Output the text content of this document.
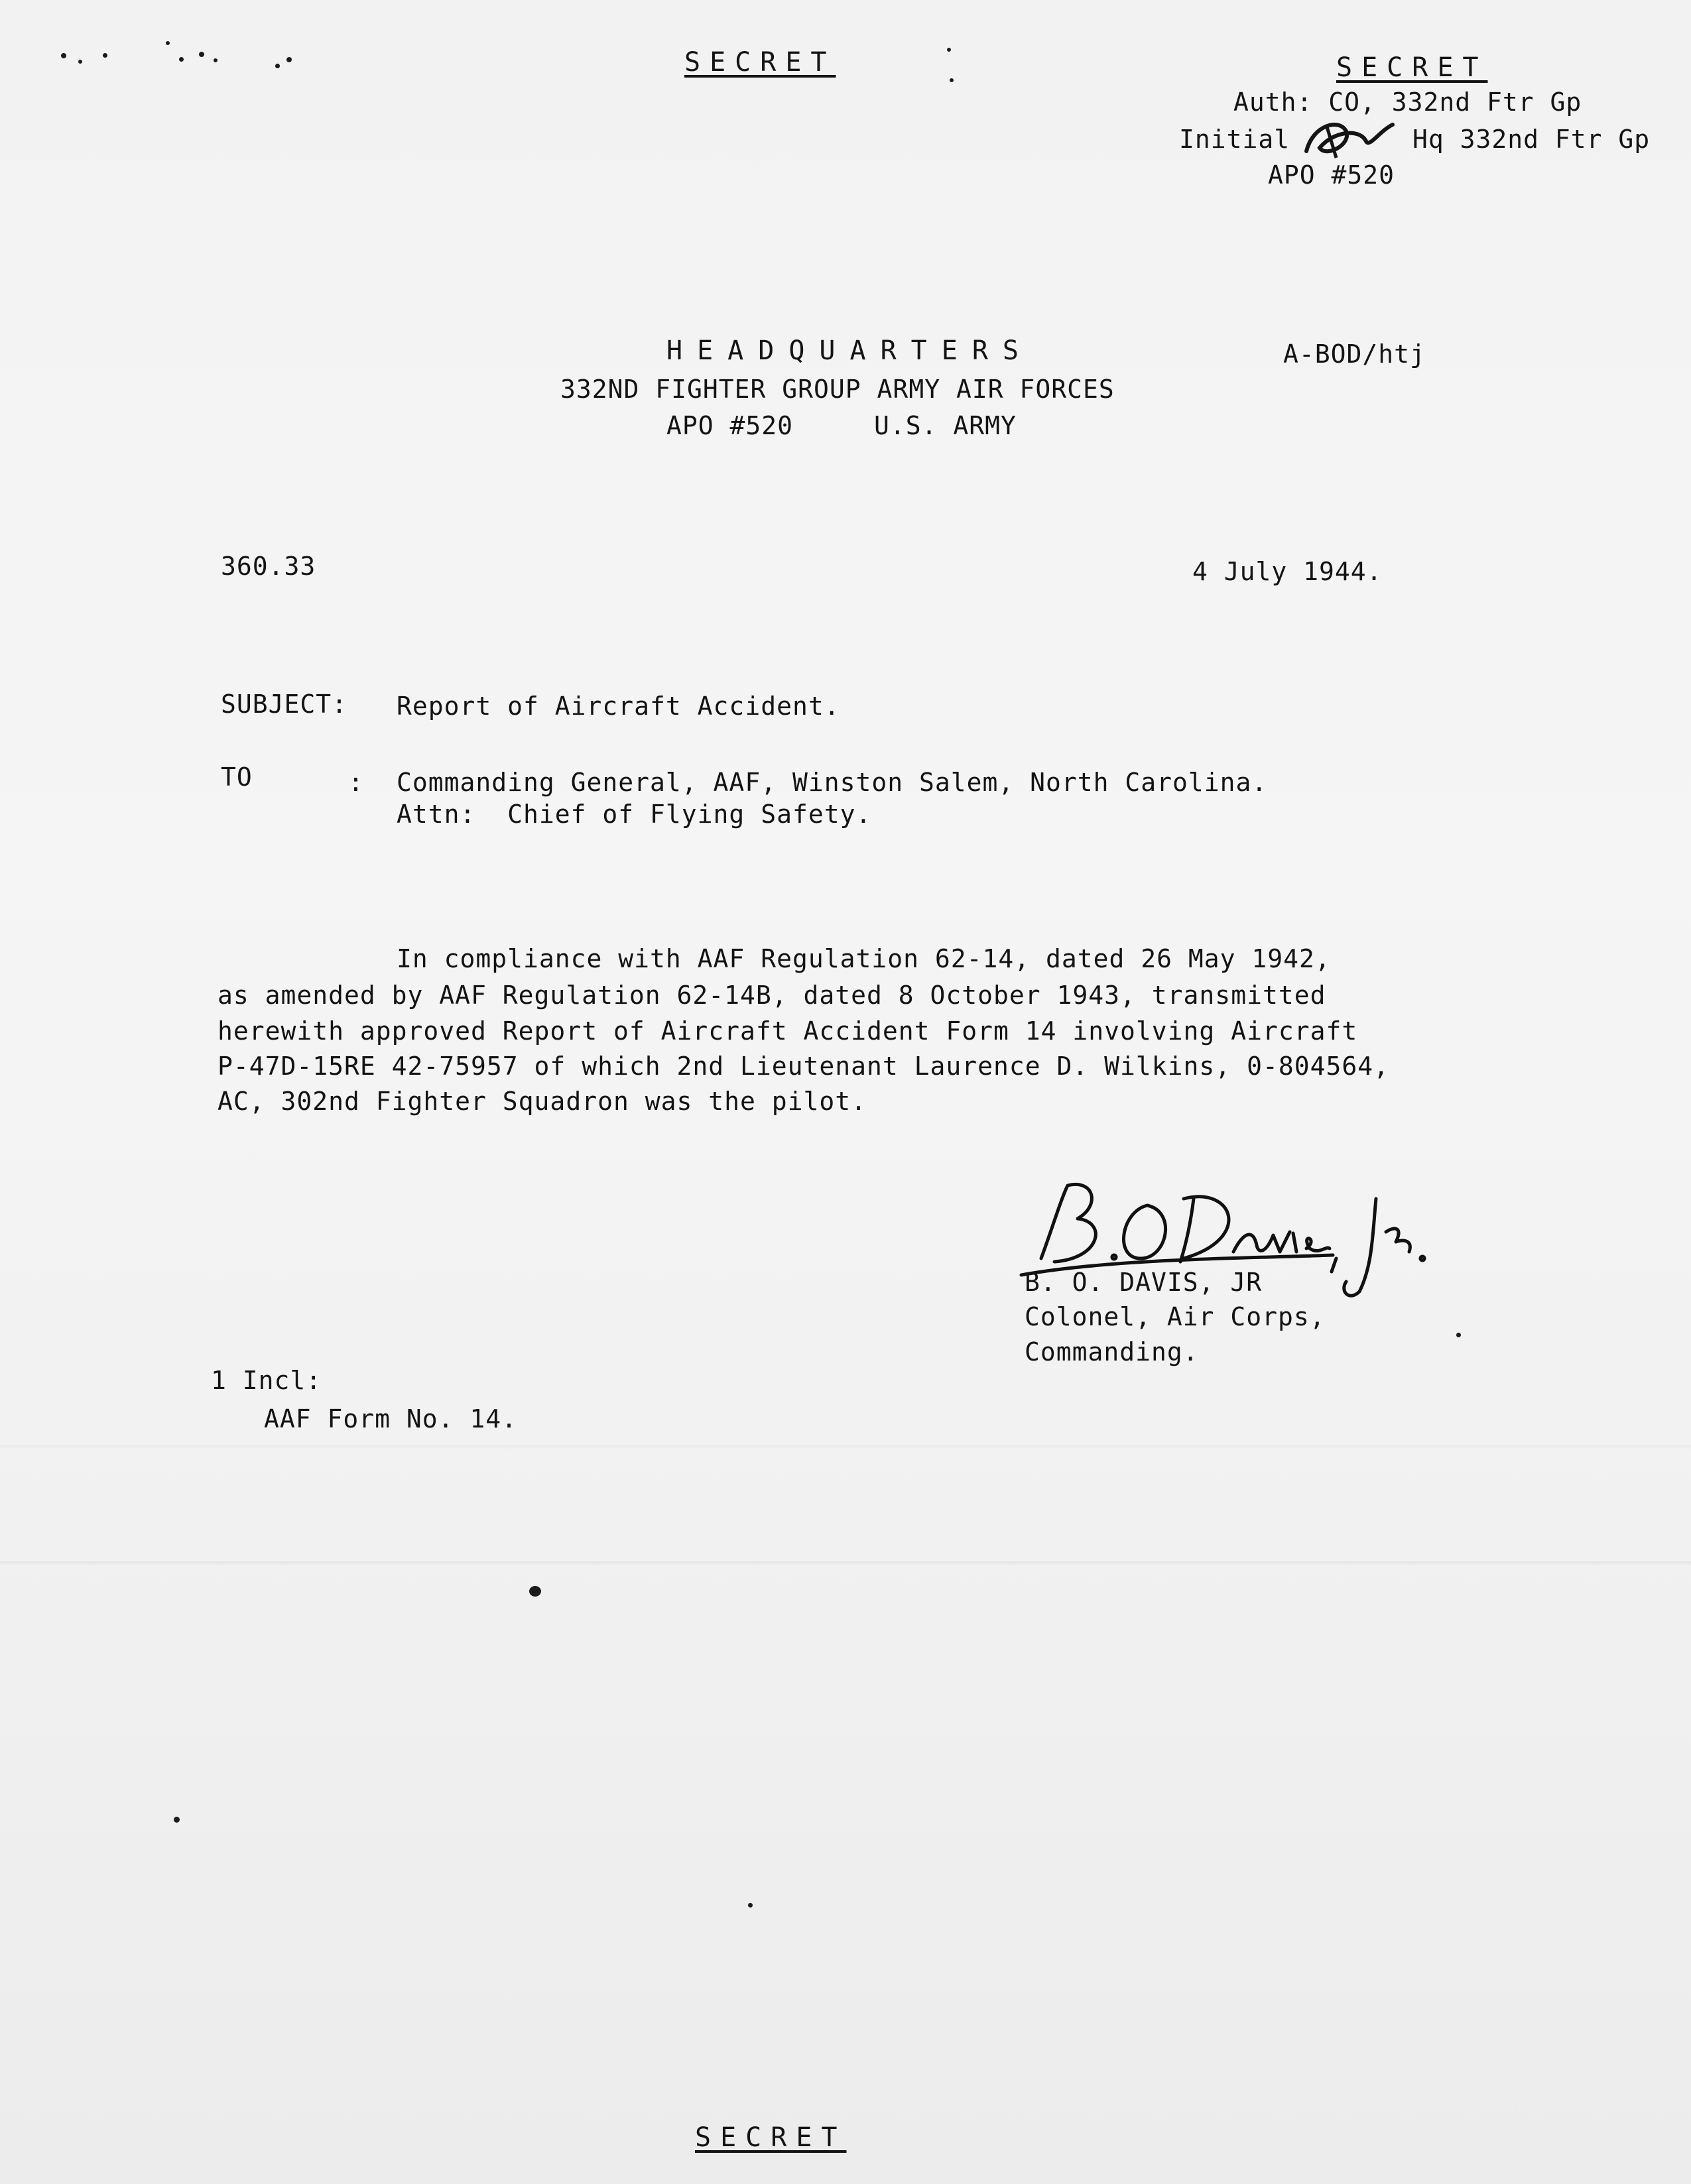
SECRET	SECRET
Auth: CO, 332nd Ftr Gp
Initial	Hq 332nd Ftr Gp
APO #520
HEADQUARTERS	A-BOD/htj
332ND FIGHTER GROUP ARMY AIR FORCES
APO #520	U.S. ARMY
360.33	4 July 1944.
SUBJECT: Report of Aircraft Accident.
TO	: Commanding General, AAF, Winston Salem, North Carolina.
Attn:  Chief of Flying Safety.
In compliance with AAF Regulation 62-14, dated 26 May 1942,
as amended by AAF Regulation 62-14B, dated 8 October 1943, transmitted
herewith approved Report of Aircraft Accident Form 14 involving Aircraft
P-47D-15RE 42-75957 of which 2nd Lieutenant Laurence D. Wilkins, 0-804564,
AC, 302nd Fighter Squadron was the pilot.
B. O. DAVIS, JR
Colonel, Air Corps,
Commanding.
1 Incl:
AAF Form No. 14.
SECRET
